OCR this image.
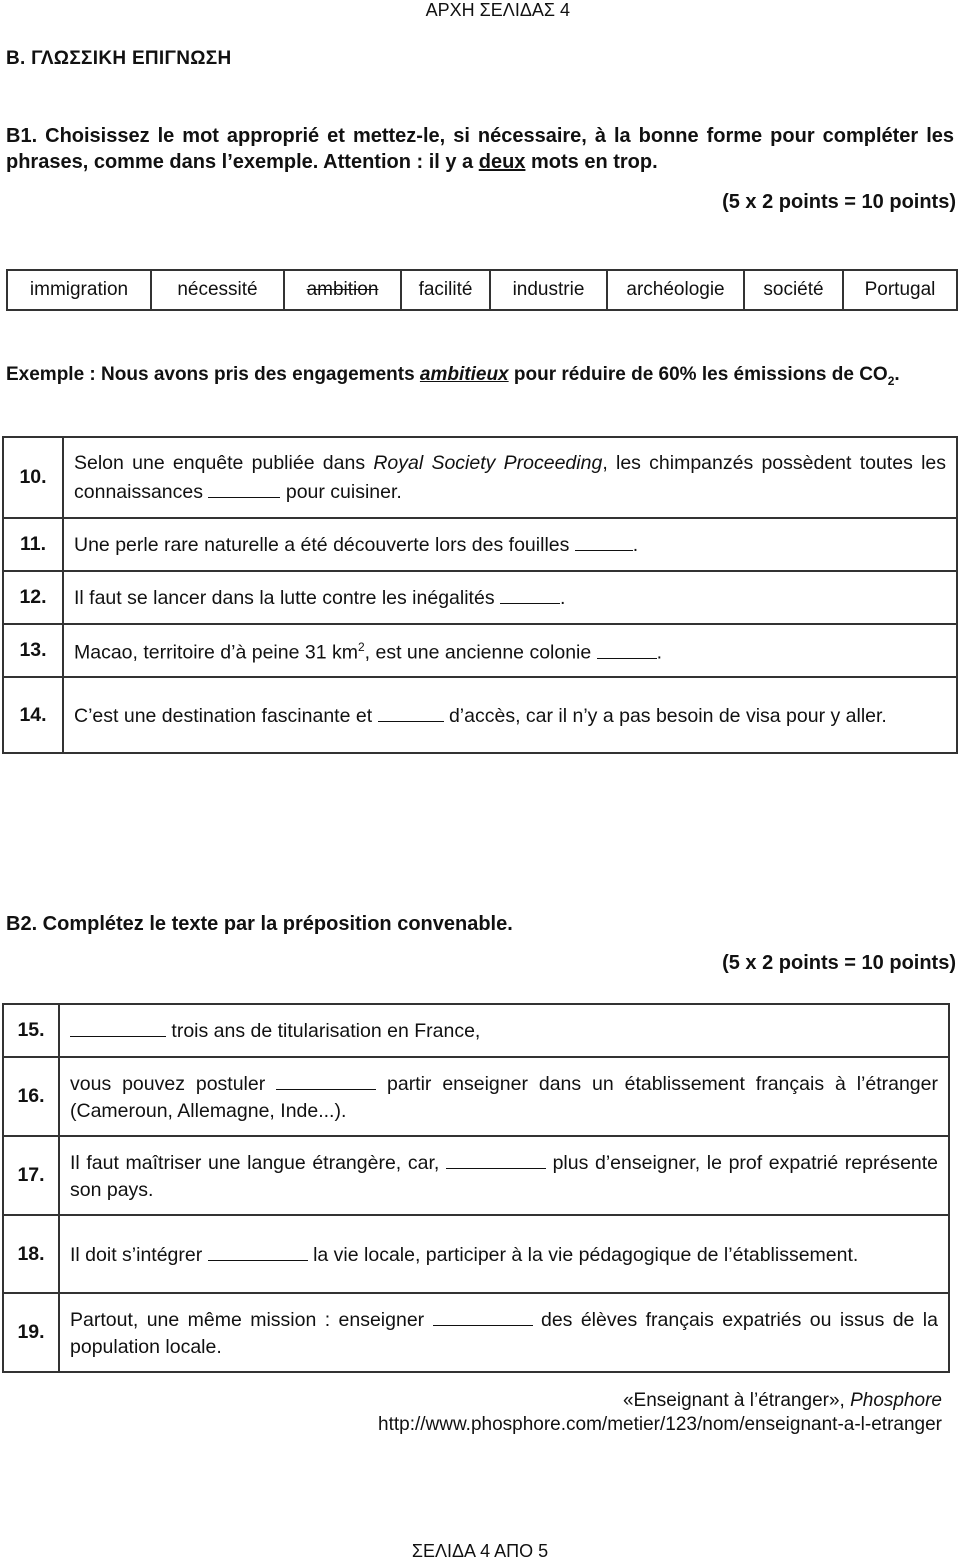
ΑΡΧΗ ΣΕΛΙΔΑΣ 4
Β. ΓΛΩΣΣΙΚΗ ΕΠΙΓΝΩΣΗ
B1. Choisissez le mot approprié et mettez-le, si nécessaire, à la bonne forme pour compléter les phrases, comme dans l’exemple. Attention : il y a deux mots en trop.
(5 x 2 points = 10 points)
immigration	nécessité	ambition	facilité	industrie	archéologie	société	Portugal
Exemple : Nous avons pris des engagements ambitieux pour réduire de 60% les émissions de $CO_2$.
10.	Selon une enquête publiée dans Royal Society Proceeding, les chimpanzés possèdent toutes les connaissances pour cuisiner.
11.	Une perle rare naturelle a été découverte lors des fouilles .
12.	Il faut se lancer dans la lutte contre les inégalités .
13.	Macao, territoire d’à peine 31 $km^2$, est une ancienne colonie .
14.	C’est une destination fascinante et d’accès, car il n’y a pas besoin de visa pour y aller.
B2. Complétez le texte par la préposition convenable.
(5 x 2 points = 10 points)
15.	trois ans de titularisation en France,
16.	vous pouvez postuler partir enseigner dans un établissement français à l’étranger (Cameroun, Allemagne, Inde...).
17.	Il faut maîtriser une langue étrangère, car, plus d’enseigner, le prof expatrié représente son pays.
18.	Il doit s’intégrer la vie locale, participer à la vie pédagogique de l’établissement.
19.	Partout, une même mission : enseigner des élèves français expatriés ou issus de la population locale.
«Enseignant à l’étranger», Phosphore
http://www.phosphore.com/metier/123/nom/enseignant-a-l-etranger
ΣΕΛΙΔΑ 4 ΑΠΟ 5
